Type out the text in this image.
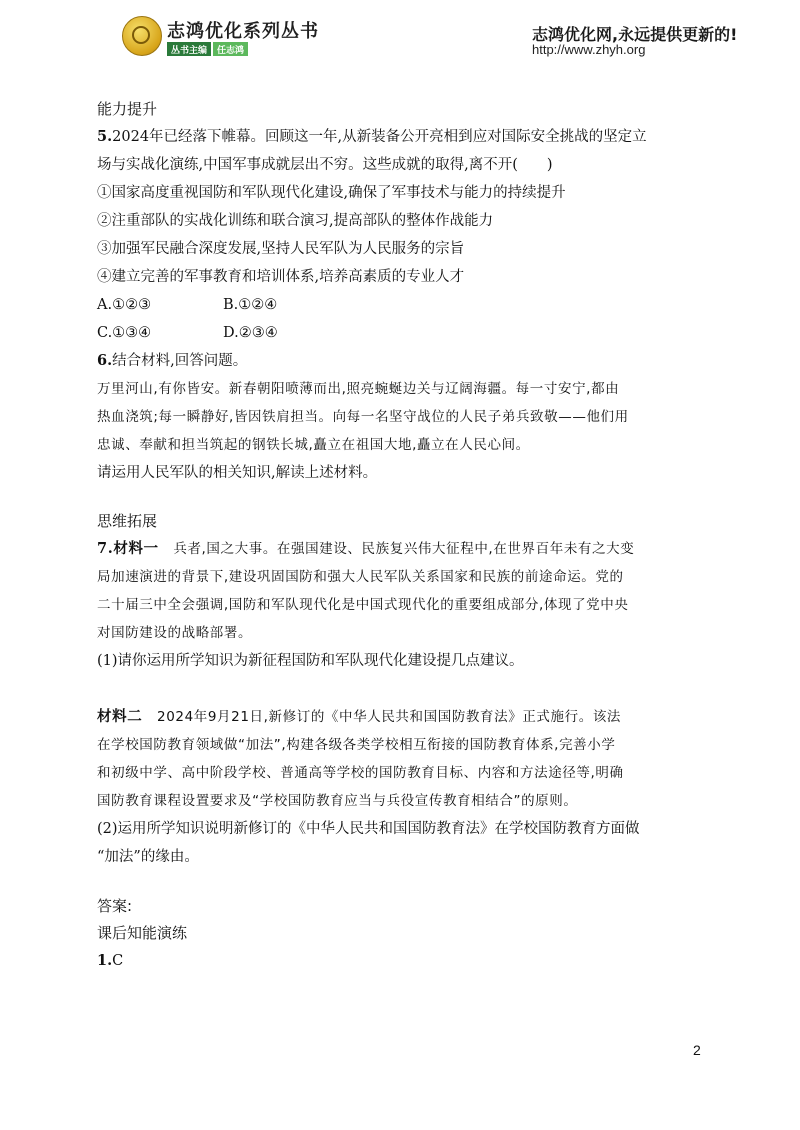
志鸿优化系列丛书
丛书主编	任志鸿
志鸿优化网,永远提供更新的!
http://www.zhyh.org
能力提升
5.2024年已经落下帷幕。回顾这一年,从新装备公开亮相到应对国际安全挑战的坚定立
场与实战化演练,中国军事成就层出不穷。这些成就的取得,离不开(　　)
①国家高度重视国防和军队现代化建设,确保了军事技术与能力的持续提升
②注重部队的实战化训练和联合演习,提高部队的整体作战能力
③加强军民融合深度发展,坚持人民军队为人民服务的宗旨
④建立完善的军事教育和培训体系,培养高素质的专业人才
A.①②③	B.①②④
C.①③④	D.②③④
6.结合材料,回答问题。
万里河山,有你皆安。新春朝阳喷薄而出,照亮蜿蜒边关与辽阔海疆。每一寸安宁,都由
热血浇筑;每一瞬静好,皆因铁肩担当。向每一名坚守战位的人民子弟兵致敬——他们用
忠诚、奉献和担当筑起的钢铁长城,矗立在祖国大地,矗立在人民心间。
请运用人民军队的相关知识,解读上述材料。
思维拓展
7.材料一 兵者,国之大事。在强国建设、民族复兴伟大征程中,在世界百年未有之大变
局加速演进的背景下,建设巩固国防和强大人民军队关系国家和民族的前途命运。党的
二十届三中全会强调,国防和军队现代化是中国式现代化的重要组成部分,体现了党中央
对国防建设的战略部署。
(1)请你运用所学知识为新征程国防和军队现代化建设提几点建议。
材料二 2024年9月21日,新修订的《中华人民共和国国防教育法》正式施行。该法
在学校国防教育领域做“加法”,构建各级各类学校相互衔接的国防教育体系,完善小学
和初级中学、高中阶段学校、普通高等学校的国防教育目标、内容和方法途径等,明确
国防教育课程设置要求及“学校国防教育应当与兵役宣传教育相结合”的原则。
(2)运用所学知识说明新修订的《中华人民共和国国防教育法》在学校国防教育方面做
“加法”的缘由。
答案:
课后知能演练
1.C
2
